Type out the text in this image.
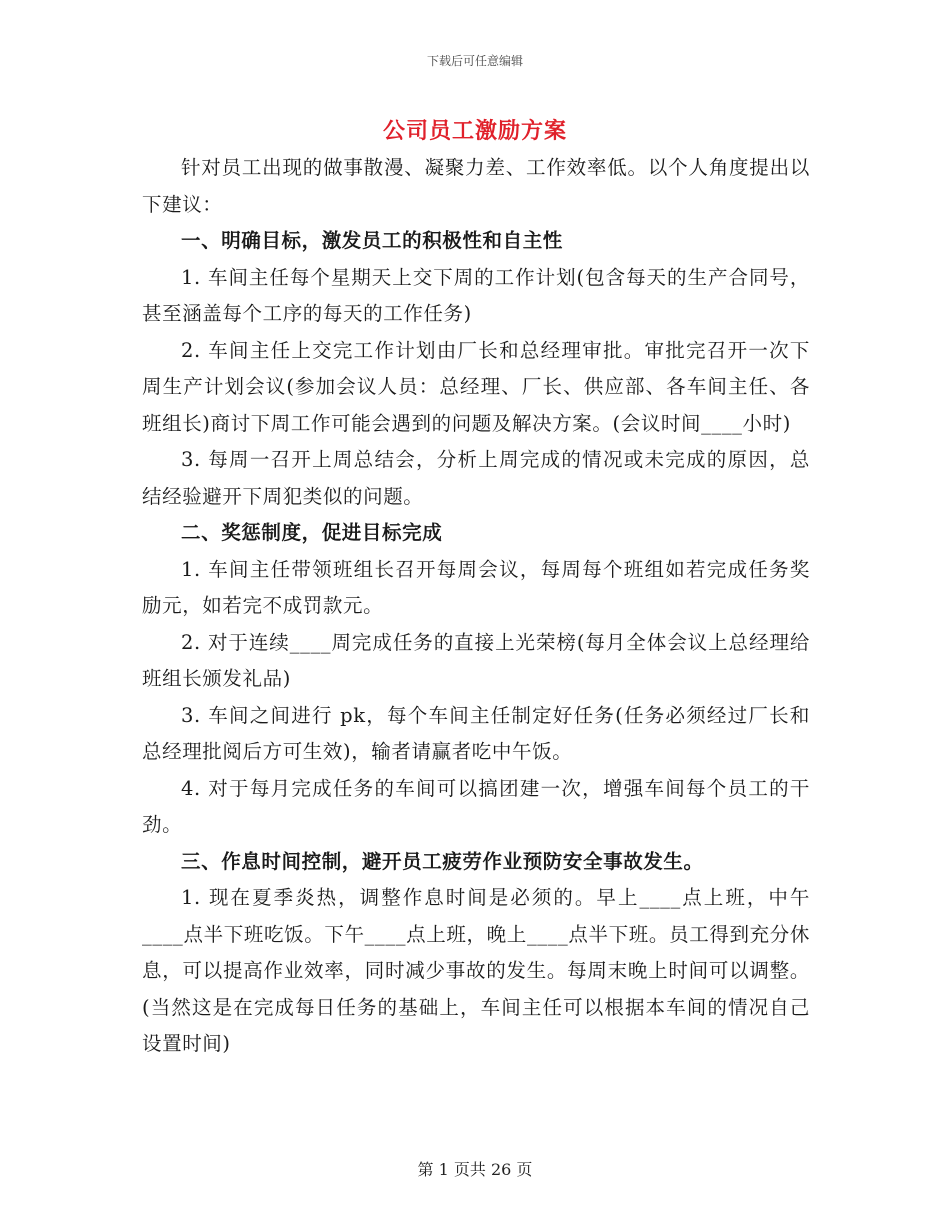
下载后可任意编辑
公司员工激励方案

针对员工出现的做事散漫、凝聚力差、工作效率低。以个人角度提出以下建议：

一、明确目标，激发员工的积极性和自主性

1. 车间主任每个星期天上交下周的工作计划(包含每天的生产合同号，甚至涵盖每个工序的每天的工作任务)

2. 车间主任上交完工作计划由厂长和总经理审批。审批完召开一次下周生产计划会议(参加会议人员：总经理、厂长、供应部、各车间主任、各班组长)商讨下周工作可能会遇到的问题及解决方案。(会议时间____小时)

3. 每周一召开上周总结会，分析上周完成的情况或未完成的原因，总结经验避开下周犯类似的问题。

二、奖惩制度，促进目标完成

1. 车间主任带领班组长召开每周会议，每周每个班组如若完成任务奖励元，如若完不成罚款元。

2. 对于连续____周完成任务的直接上光荣榜(每月全体会议上总经理给班组长颁发礼品)

3. 车间之间进行 pk，每个车间主任制定好任务(任务必须经过厂长和总经理批阅后方可生效)，输者请赢者吃中午饭。

4. 对于每月完成任务的车间可以搞团建一次，增强车间每个员工的干劲。

三、作息时间控制，避开员工疲劳作业预防安全事故发生。

1. 现在夏季炎热，调整作息时间是必须的。早上____点上班，中午____点半下班吃饭。下午____点上班，晚上____点半下班。员工得到充分休息，可以提高作业效率，同时减少事故的发生。每周末晚上时间可以调整。(当然这是在完成每日任务的基础上，车间主任可以根据本车间的情况自己设置时间)

第 1 页共 26 页
